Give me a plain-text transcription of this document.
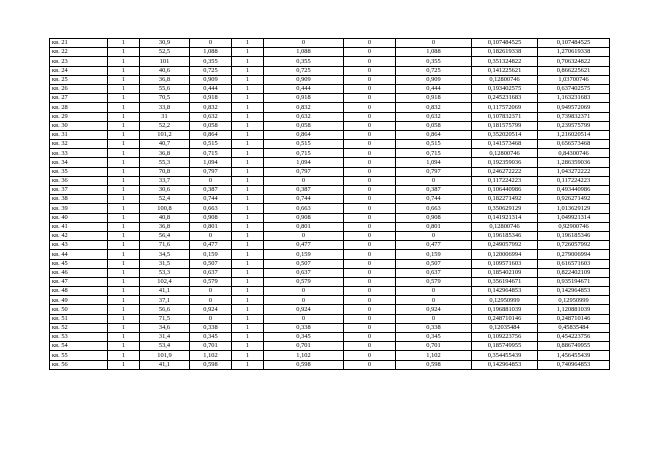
кв. 21	1	30,9	0	1	0	0	0	0,107484525	0,107484525
кв. 22	1	52,5	1,088	1	1,088	0	1,088	0,182619338	1,270619338
кв. 23	1	101	0,355	1	0,355	0	0,355	0,351324822	0,706324822
кв. 24	1	40,6	0,725	1	0,725	0	0,725	0,141225621	0,866225621
кв. 25	1	36,8	0,909	1	0,909	0	0,909	0,12800746	1,03700746
кв. 26	1	55,6	0,444	1	0,444	0	0,444	0,193402575	0,637402575
кв. 27	1	70,5	0,918	1	0,918	0	0,918	0,245231683	1,163231683
кв. 28	1	33,8	0,832	1	0,832	0	0,832	0,117572069	0,949572069
кв. 29	1	31	0,632	1	0,632	0	0,632	0,107832371	0,739832371
кв. 30	1	52,2	0,058	1	0,058	0	0,058	0,181575799	0,239575799
кв. 31	1	101,2	0,864	1	0,864	0	0,864	0,352020514	1,216020514
кв. 32	1	40,7	0,515	1	0,515	0	0,515	0,141573468	0,656573468
кв. 33	1	36,8	0,715	1	0,715	0	0,715	0,12800746	0,84300746
кв. 34	1	55,3	1,094	1	1,094	0	1,094	0,192359036	1,286359036
кв. 35	1	70,8	0,797	1	0,797	0	0,797	0,246272222	1,043272222
кв. 36	1	33,7	0	1	0	0	0	0,117224223	0,117224223
кв. 37	1	30,6	0,387	1	0,387	0	0,387	0,106440986	0,493440986
кв. 38	1	52,4	0,744	1	0,744	0	0,744	0,182271492	0,926271492
кв. 39	1	100,8	0,663	1	0,663	0	0,663	0,350629129	1,013629129
кв. 40	1	40,8	0,908	1	0,908	0	0,908	0,141921314	1,049921314
кв. 41	1	36,8	0,801	1	0,801	0	0,801	0,12800746	0,92900746
кв. 42	1	56,4	0	1	0	0	0	0,196185346	0,196185346
кв. 43	1	71,6	0,477	1	0,477	0	0,477	0,249057992	0,726057992
кв. 44	1	34,5	0,159	1	0,159	0	0,159	0,120006994	0,279006994
кв. 45	1	31,5	0,507	1	0,507	0	0,507	0,109571603	0,616571603
кв. 46	1	53,3	0,637	1	0,637	0	0,637	0,185402109	0,822402109
кв. 47	1	102,4	0,579	1	0,579	0	0,579	0,356194671	0,935194671
кв. 48	1	41,1	0	1	0	0	0	0,142964853	0,142964853
кв. 49	1	37,1	0	1	0	0	0	0,12950999	0,12950999
кв. 50	1	56,6	0,924	1	0,924	0	0,924	0,196881039	1,120881039
кв. 51	1	71,5	0	1	0	0	0	0,248710146	0,248710146
кв. 52	1	34,6	0,338	1	0,338	0	0,338	0,12035484	0,45835484
кв. 53	1	31,4	0,345	1	0,345	0	0,345	0,109223756	0,454223756
кв. 54	1	53,4	0,701	1	0,701	0	0,701	0,185749955	0,886749955
кв. 55	1	101,9	1,102	1	1,102	0	1,102	0,354455439	1,456455439
кв. 56	1	41,1	0,598	1	0,598	0	0,598	0,142964853	0,740964853
